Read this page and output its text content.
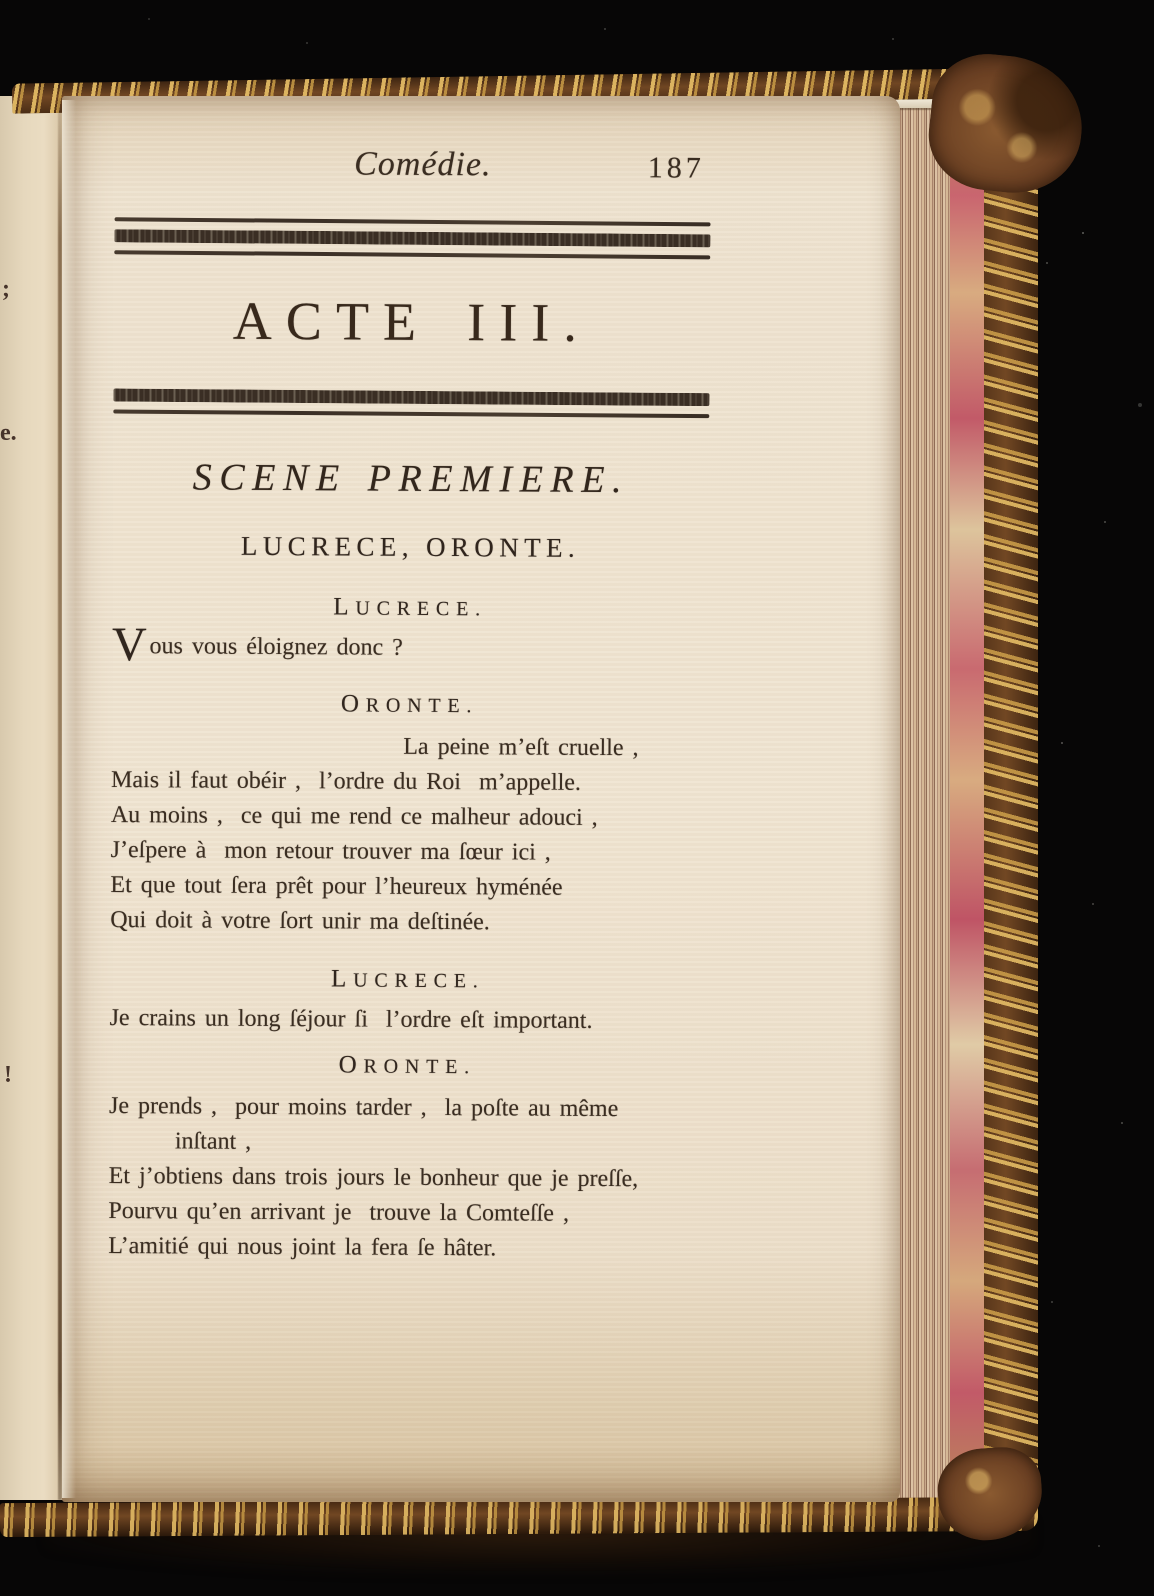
;
e.
!
Comédie.	187
ACTE III.
SCENE PREMIERE.
LUCRECE, ORONTE.
LUCRECE.
Vous vous éloignez donc ?
ORONTE.
La peine m’eſt cruelle ,
Mais il faut obéir ,  l’ordre du Roi  m’appelle.
Au moins ,  ce qui me rend ce malheur adouci ,
J’eſpere à  mon retour trouver ma ſœur ici ,
Et que tout ſera prêt pour l’heureux hyménée
Qui doit à votre ſort unir ma deſtinée.
LUCRECE.
Je crains un long ſéjour ſi  l’ordre eſt important.
ORONTE.
Je prends ,  pour moins tarder ,  la poſte au même
inſtant ,
Et j’obtiens dans trois jours le bonheur que je preſſe,
Pourvu qu’en arrivant je  trouve la Comteſſe ,
L’amitié qui nous joint la fera ſe hâter.
